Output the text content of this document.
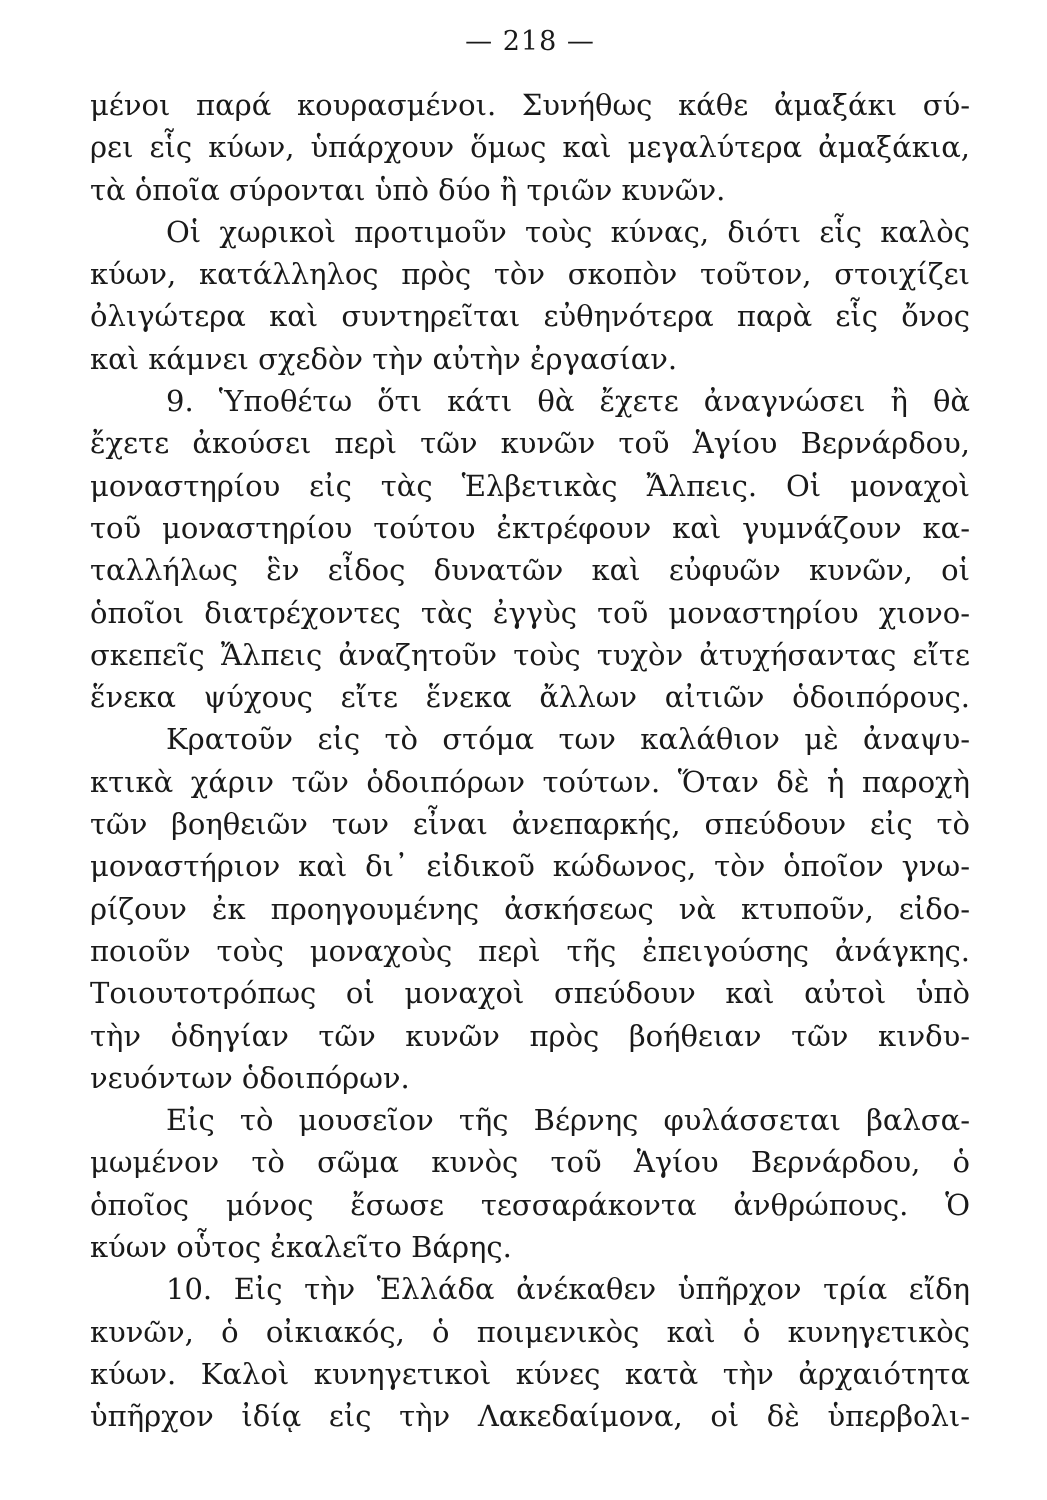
— 218 —
μένοι παρά κουρασμένοι. Συνήθως κάθε ἀμαξάκι σύ-
ρει εἷς κύων, ὑπάρχουν ὅμως καὶ μεγαλύτερα ἀμαξάκια,
τὰ ὁποῖα σύρονται ὑπὸ δύο ἢ τριῶν κυνῶν.
Οἱ χωρικοὶ προτιμοῦν τοὺς κύνας, διότι εἷς καλὸς
κύων, κατάλληλος πρὸς τὸν σκοπὸν τοῦτον, στοιχίζει
ὀλιγώτερα καὶ συντηρεῖται εὐθηνότερα παρὰ εἷς ὄνος
καὶ κάμνει σχεδὸν τὴν αὐτὴν ἐργασίαν.
9. Ὑποθέτω ὅτι κάτι θὰ ἔχετε ἀναγνώσει ἢ θὰ
ἔχετε ἀκούσει περὶ τῶν κυνῶν τοῦ Ἁγίου Βερνάρδου,
μοναστηρίου εἰς τὰς Ἑλβετικὰς Ἄλπεις. Οἱ μοναχοὶ
τοῦ μοναστηρίου τούτου ἐκτρέφουν καὶ γυμνάζουν κα-
ταλλήλως ἓν εἶδος δυνατῶν καὶ εὐφυῶν κυνῶν, οἱ
ὁποῖοι διατρέχοντες τὰς ἐγγὺς τοῦ μοναστηρίου χιονο-
σκεπεῖς Ἄλπεις ἀναζητοῦν τοὺς τυχὸν ἀτυχήσαντας εἴτε
ἕνεκα ψύχους εἴτε ἕνεκα ἄλλων αἰτιῶν ὁδοιπόρους.
Κρατοῦν εἰς τὸ στόμα των καλάθιον μὲ ἀναψυ-
κτικὰ χάριν τῶν ὁδοιπόρων τούτων. Ὅταν δὲ ἡ παροχὴ
τῶν βοηθειῶν των εἶναι ἀνεπαρκής, σπεύδουν εἰς τὸ
μοναστήριον καὶ δι᾽ εἰδικοῦ κώδωνος, τὸν ὁποῖον γνω-
ρίζουν ἐκ προηγουμένης ἀσκήσεως νὰ κτυποῦν, εἰδο-
ποιοῦν τοὺς μοναχοὺς περὶ τῆς ἐπειγούσης ἀνάγκης.
Τοιουτοτρόπως οἱ μοναχοὶ σπεύδουν καὶ αὐτοὶ ὑπὸ
τὴν ὁδηγίαν τῶν κυνῶν πρὸς βοήθειαν τῶν κινδυ-
νευόντων ὁδοιπόρων.
Εἰς τὸ μουσεῖον τῆς Βέρνης φυλάσσεται βαλσα-
μωμένον τὸ σῶμα κυνὸς τοῦ Ἁγίου Βερνάρδου, ὁ
ὁποῖος μόνος ἔσωσε τεσσαράκοντα ἀνθρώπους. Ὁ
κύων οὗτος ἐκαλεῖτο Βάρης.
10. Εἰς τὴν Ἑλλάδα ἀνέκαθεν ὑπῆρχον τρία εἴδη
κυνῶν, ὁ οἰκιακός, ὁ ποιμενικὸς καὶ ὁ κυνηγετικὸς
κύων. Καλοὶ κυνηγετικοὶ κύνες κατὰ τὴν ἀρχαιότητα
ὑπῆρχον ἰδίᾳ εἰς τὴν Λακεδαίμονα, οἱ δὲ ὑπερβολι-
